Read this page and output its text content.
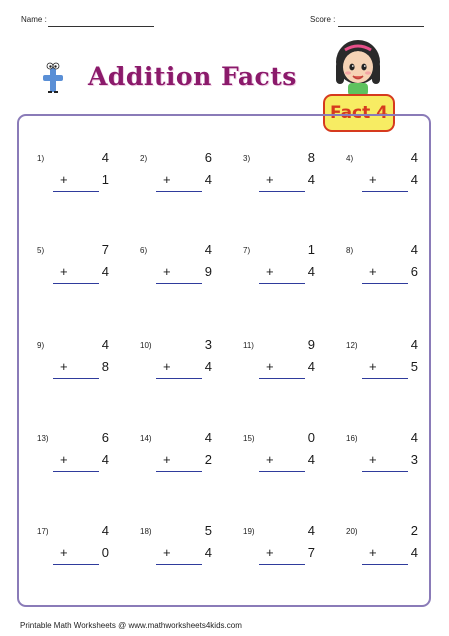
Name :	Score :
Addition Facts
Fact 4
1)	4
+	1
2)	6
+	4
3)	8
+	4
4)	4
+	4
5)	7
+	4
6)	4
+	9
7)	1
+	4
8)	4
+	6
9)	4
+	8
10)	3
+	4
11)	9
+	4
12)	4
+	5
13)	6
+	4
14)	4
+	2
15)	0
+	4
16)	4
+	3
17)	4
+	0
18)	5
+	4
19)	4
+	7
20)	2
+	4
Printable Math Worksheets @ www.mathworksheets4kids.com
